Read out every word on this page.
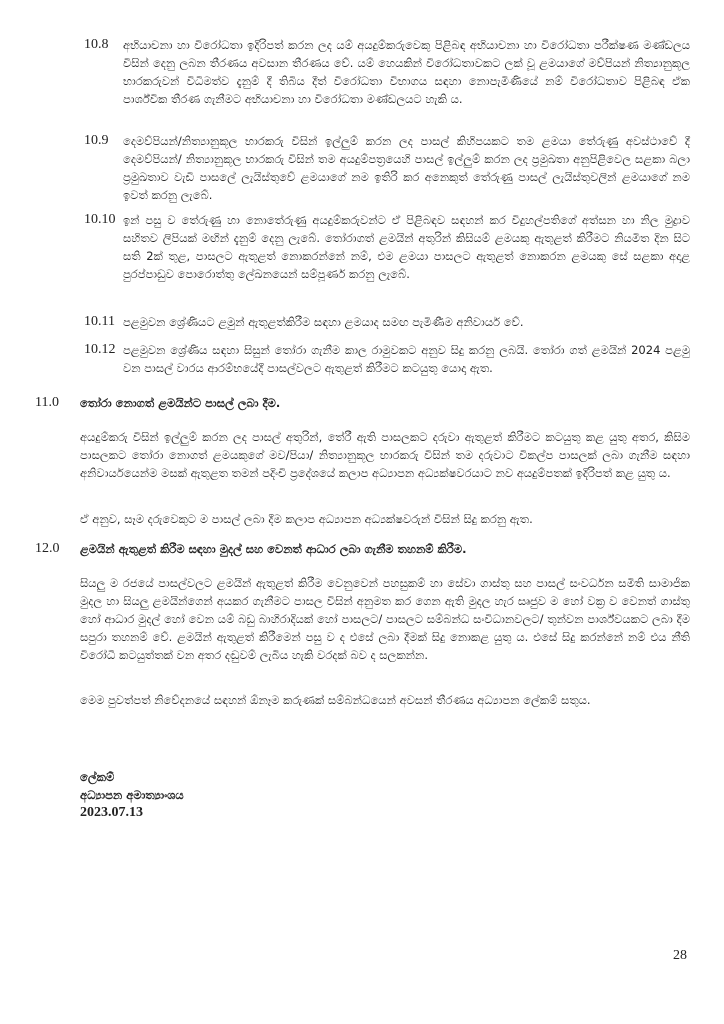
10.8 අභියාචනා හා විරෝධතා ඉදිරිපත් කරන ලද යම් අයදුම්කරුවෙකු පිළිබඳ අභියාචනා හා විරෝධතා පරීක්ෂණ මණ්ඩලය විසින් දෙනු ලබන තීරණය අවසාන තීරණය වේ. යම් හෙයකින් විරෝධතාවකට ලක් වූ ළමයාගේ මව්පියන් නිත්‍යානුකූල භාරකරුවන් විධිමත්ව දැනුම් දී තිබිය දීත් විරෝධතා විභාගය සඳහා නොපැමිණියේ නම් විරෝධතාව පිළිබඳ ඒක පාර්ශ්වික තීරණ ගැනීමට අභියාචනා හා විරෝධතා මණ්ඩලයට හැකි ය.
10.9 දෙමව්පියන්/නිත්‍යානුකූල භාරකරු විසින් ඉල්ලුම් කරන ලද පාසල් කිහිපයකට තම ළමයා තේරුණු අවස්ථාවේ දී දෙමව්පියන්/ නිත්‍යානුකූල භාරකරු විසින් තම අයදුම්පත්‍රයෙහි පාසල් ඉල්ලුම් කරන ලද ප්‍රමුඛතා අනුපිළිවෙල සළකා බලා ප්‍රමුඛතාව වැඩි පාසලේ ලැයිස්තුවේ ළමයාගේ නම ඉතිරි කර අනෙකුත් තේරුණු පාසල් ලැයිස්තුවලින් ළමයාගේ නම ඉවත් කරනු ලැබේ.
10.10 ඉන් පසු ව තේරුණු හා නොතේරුණු අයදුම්කරුවන්ට ඒ පිළිබඳව සඳහන් කර විදුහල්පතිගේ අත්සන හා නිල මුද්‍රාව සහිතව ලිපියක් මඟින් දැනුම් දෙනු ලැබේ. තෝරාගත් ළමයින් අතුරින් කිසියම් ළමයකු ඇතුළත් කිරීමට නියමිත දින සිට සති 2ක් තුළ, පාසලට ඇතුළත් නොකරන්නේ නම්, එම ළමයා පාසලට ඇතුළත් නොකරන ළමයකු සේ සළකා අදාළ පුරප්පාඩුව පොරොත්තු ලේඛනයෙන් සම්පූර්ණ කරනු ලැබේ.
10.11 පළමුවන ශ්‍රේණියට ළමුන් ඇතුළත්කිරීම සඳහා ළමයාද සමඟ පැමිණීම අනිවාර්ය වේ.
10.12 පළමුවන ශ්‍රේණිය සඳහා සිසුන් තෝරා ගැනීම කාල රාමුවකට අනුව සිදු කරනු ලබයි. තෝරා ගත් ළමයින් 2024 පළමු වන පාසල් වාරය ආරම්භයේදී පාසල්වලට ඇතුළත් කිරීමට කටයුතු යොදා ඇත.
11.0 තෝරා නොගත් ළමයින්ට පාසල් ලබා දීම.
අයදුම්කරු විසින් ඉල්ලුම් කරන ලද පාසල් අතුරින්, තේරී ඇති පාසලකට දරුවා ඇතුළත් කිරීමට කටයුතු කළ යුතු අතර, කිසිම පාසලකට තෝරා නොගත් ළමයකුගේ මව/පියා/ නිත්‍යානුකූල භාරකරු විසින් තම දරුවාට විකල්ප පාසලක් ලබා ගැනීම සඳහා අනිවාර්යයෙන්ම මසක් ඇතුළත තමන් පදිංචි ප්‍රදේශයේ කලාප අධ්‍යාපන අධ්‍යක්ෂවරයාට නව අයදුම්පතක් ඉදිරිපත් කළ යුතු ය.
ඒ අනුව, සෑම දරුවෙකුට ම පාසල් ලබා දීම කලාප අධ්‍යාපන අධ්‍යක්ෂවරුන් විසින් සිදු කරනු ඇත.
12.0 ළමයින් ඇතුළත් කිරීම සඳහා මුදල් සහ වෙනත් ආධාර ලබා ගැනීම තහනම් කිරීම.
සියලු ම රජයේ පාසල්වලට ළමයින් ඇතුළත් කිරීම වෙනුවෙන් පහසුකම් හා සේවා ගාස්තු සහ පාසල් සංවර්ධන සමිති සාමාජික මුදල හා සියලු ළමයින්ගෙන් අයකර ගැනීමට පාසල විසින් අනුමත කර ගෙන ඇති මුදල හැර සෘජුව ම හෝ වක්‍ර ව වෙනත් ගාස්තු හෝ ආධාර මුදල් හෝ වෙන යම් බඩු බාහිරාදියක් හෝ පාසලට/ පාසලට සම්බන්ධ සංවිධානවලට/ තුන්වන පාර්ශ්වයකට ලබා දීම සපුරා තහනම් වේ. ළමයින් ඇතුළත් කිරීමෙන් පසු ව ද එසේ ලබා දීමක් සිදු නොකළ යුතු ය. එසේ සිදු කරන්නේ නම් එය නීති විරෝධී කටයුත්තක් වන අතර දඬුවම් ලැබිය හැකි වරදක් බව ද සලකන්න.
මෙම පුවත්පත් නිවේදනයේ සඳහන් ඕනෑම කරුණක් සම්බන්ධයෙන් අවසන් තීරණය අධ්‍යාපන ලේකම් සතුය.
ලේකම්
අධ්‍යාපන අමාත්‍යාංශය
2023.07.13
28
